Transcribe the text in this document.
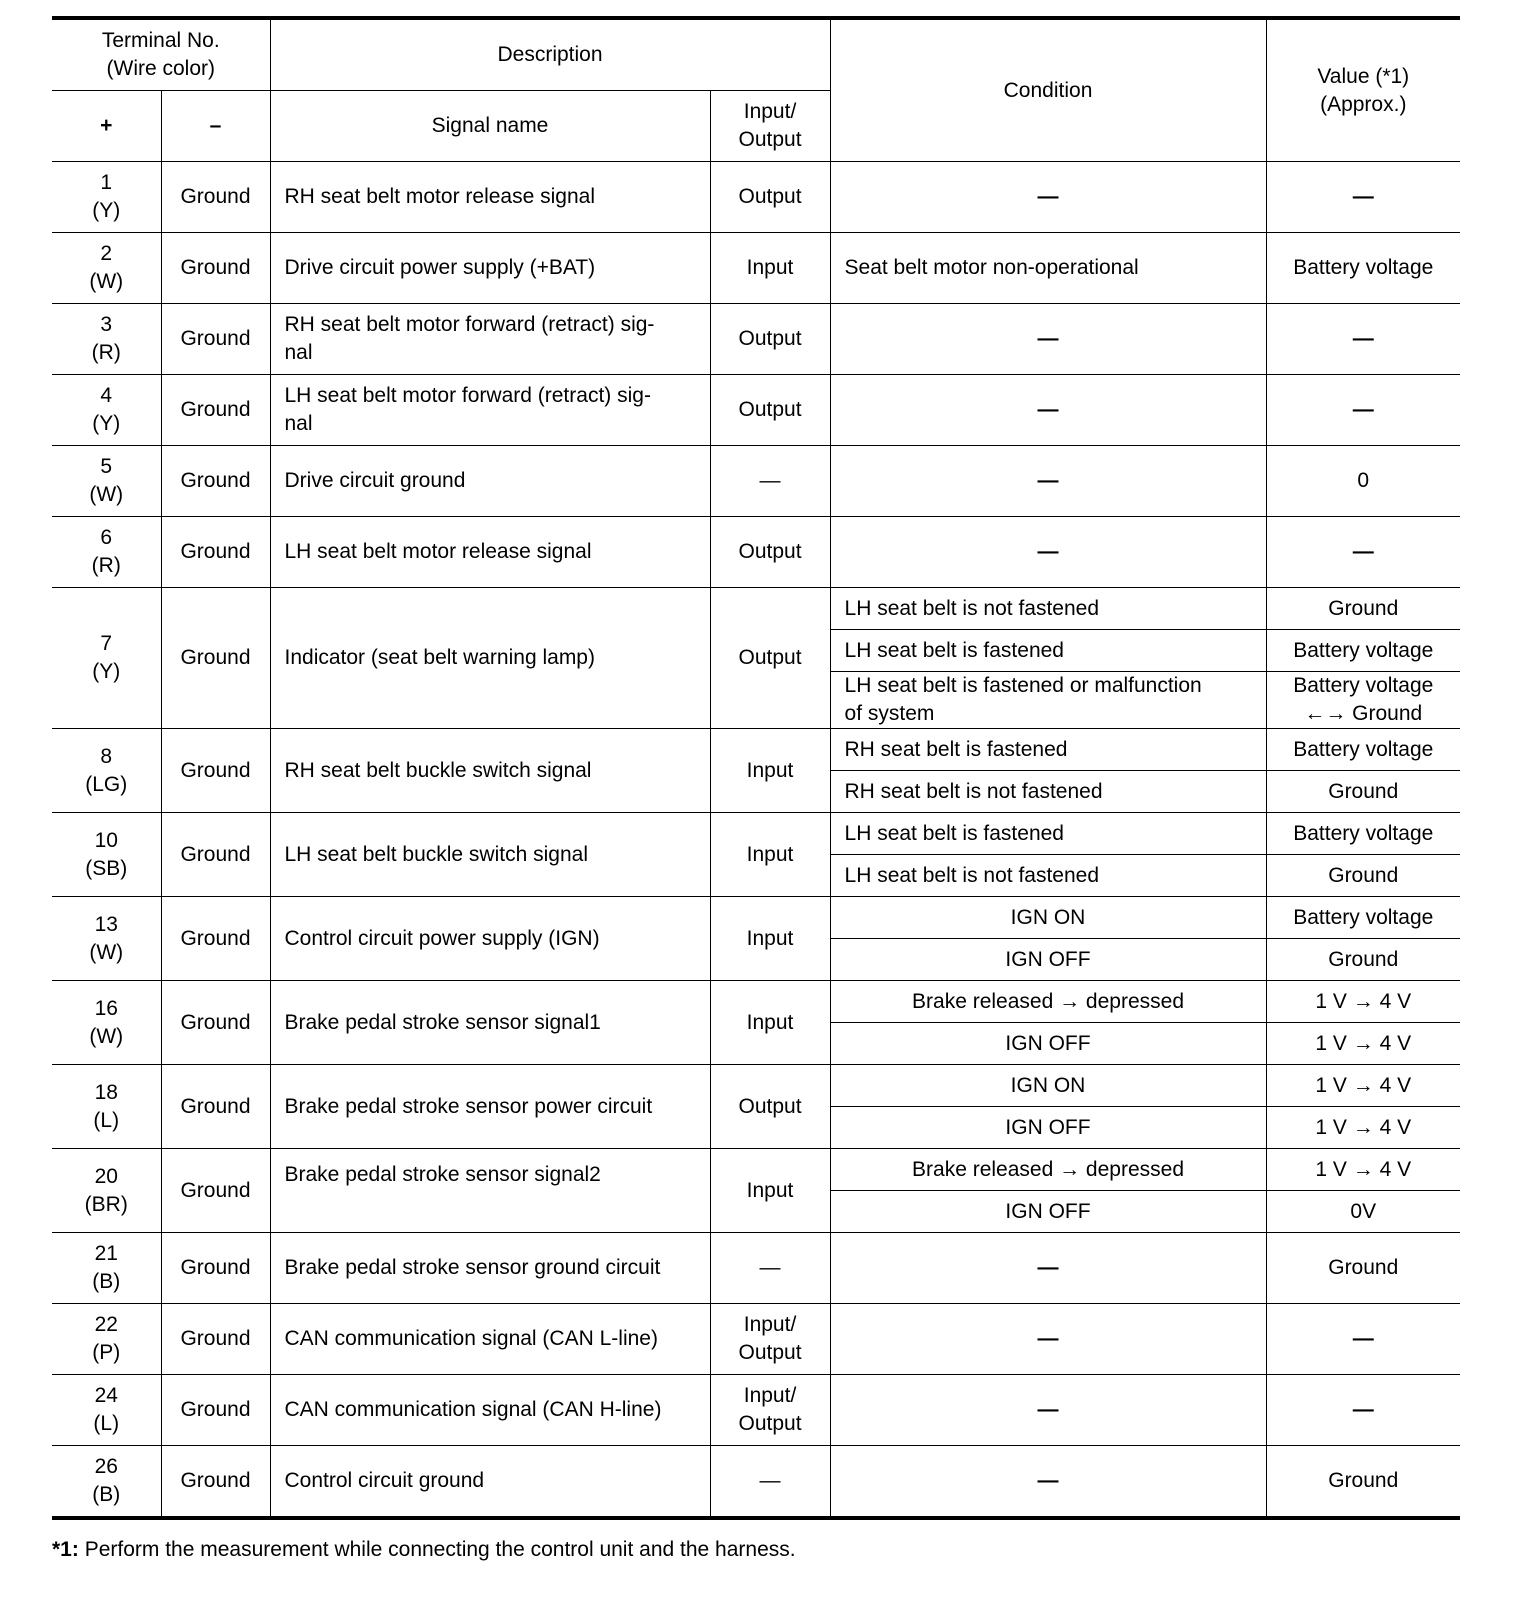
Terminal No.
(Wire color)		Description		Condition	Value (*1)
(Approx.)
+	–	Signal name	Input/
Output		
1
(Y)	Ground	RH seat belt motor release signal	Output	—	—
2
(W)	Ground	Drive circuit power supply (+BAT)	Input	Seat belt motor non-operational	Battery voltage
3
(R)	Ground	RH seat belt motor forward (retract) sig-
nal	Output	—	—
4
(Y)	Ground	LH seat belt motor forward (retract) sig-
nal	Output	—	—
5
(W)	Ground	Drive circuit ground	—	—	0
6
(R)	Ground	LH seat belt motor release signal	Output	—	—
7
(Y)	Ground	Indicator (seat belt warning lamp)	Output	LH seat belt is not fastened	Ground
				LH seat belt is fastened	Battery voltage
				LH seat belt is fastened or malfunction
of system	Battery voltage
←→ Ground
8
(LG)	Ground	RH seat belt buckle switch signal	Input	RH seat belt is fastened	Battery voltage
				RH seat belt is not fastened	Ground
10
(SB)	Ground	LH seat belt buckle switch signal	Input	LH seat belt is fastened	Battery voltage
				LH seat belt is not fastened	Ground
13
(W)	Ground	Control circuit power supply (IGN)	Input	IGN ON	Battery voltage
				IGN OFF	Ground
16
(W)	Ground	Brake pedal stroke sensor signal1	Input	Brake released → depressed	1 V → 4 V
				IGN OFF	1 V → 4 V
18
(L)	Ground	Brake pedal stroke sensor power circuit	Output	IGN ON	1 V → 4 V
				IGN OFF	1 V → 4 V
20
(BR)	Ground	Brake pedal stroke sensor signal2	Input	Brake released → depressed	1 V → 4 V
				IGN OFF	0V
21
(B)	Ground	Brake pedal stroke sensor ground circuit	—	—	Ground
22
(P)	Ground	CAN communication signal (CAN L-line)	Input/
Output	—	—
24
(L)	Ground	CAN communication signal (CAN H-line)	Input/
Output	—	—
26
(B)	Ground	Control circuit ground	—	—	Ground
*1: Perform the measurement while connecting the control unit and the harness.
